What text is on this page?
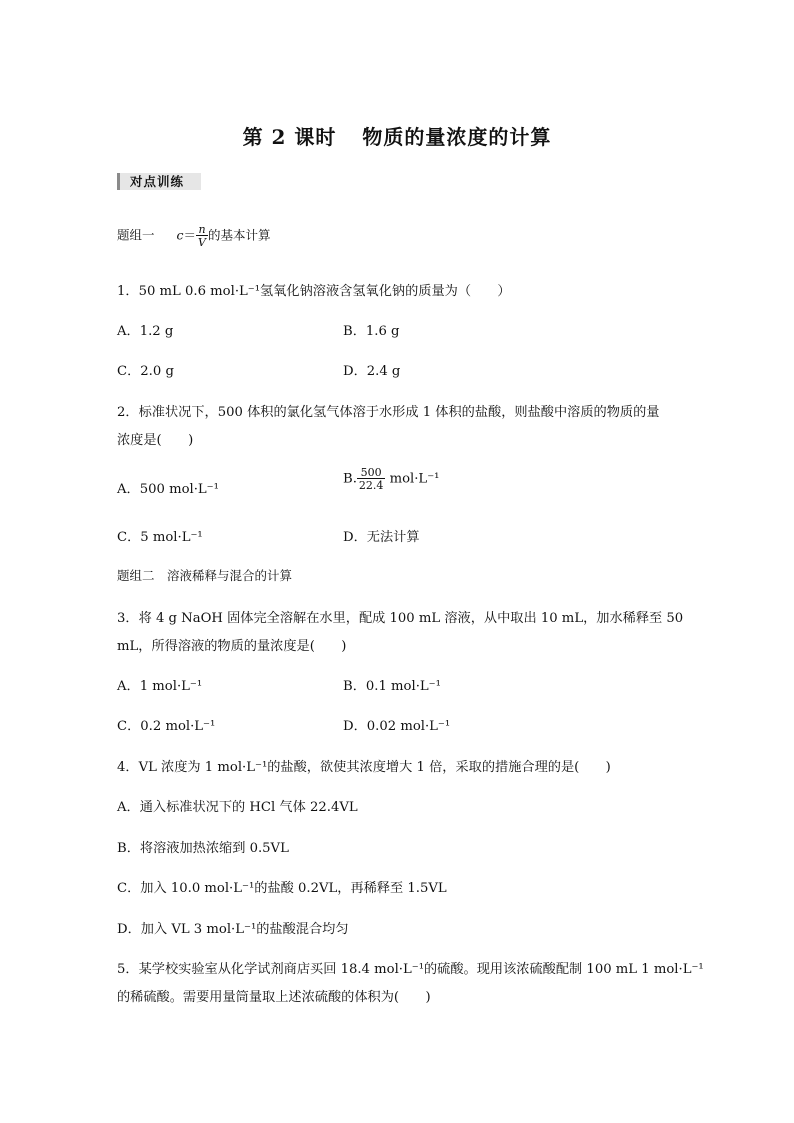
第 2 课时 物质的量浓度的计算
对点训练
题组一 $c= \frac{n}{V}$ 的基本计算
1．50 mL 0.6 mol·L⁻¹氢氧化钠溶液含氢氧化钠的质量为（　　）
A．1.2 g	B．1.6 g
C．2.0 g	D．2.4 g
2．标准状况下，500 体积的氯化氢气体溶于水形成 1 体积的盐酸，则盐酸中溶质的物质的量
浓度是(　　)
A．500 mol·L⁻¹
B. $\frac{500}{22.4} mol\cdot L^{-1}$
C．5 mol·L⁻¹	D．无法计算
题组二　溶液稀释与混合的计算
3．将 4 g NaOH 固体完全溶解在水里，配成 100 mL 溶液，从中取出 10 mL，加水稀释至 50
mL，所得溶液的物质的量浓度是(　　)
A．1 mol·L⁻¹	B．0.1 mol·L⁻¹
C．0.2 mol·L⁻¹	D．0.02 mol·L⁻¹
4．VL 浓度为 1 mol·L⁻¹的盐酸，欲使其浓度增大 1 倍，采取的措施合理的是(　　)
A．通入标准状况下的 HCl 气体 22.4VL
B．将溶液加热浓缩到 0.5VL
C．加入 10.0 mol·L⁻¹的盐酸 0.2VL，再稀释至 1.5VL
D．加入 VL 3 mol·L⁻¹的盐酸混合均匀
5．某学校实验室从化学试剂商店买回 18.4 mol·L⁻¹的硫酸。现用该浓硫酸配制 100 mL 1 mol·L⁻¹
的稀硫酸。需要用量筒量取上述浓硫酸的体积为(　　)
